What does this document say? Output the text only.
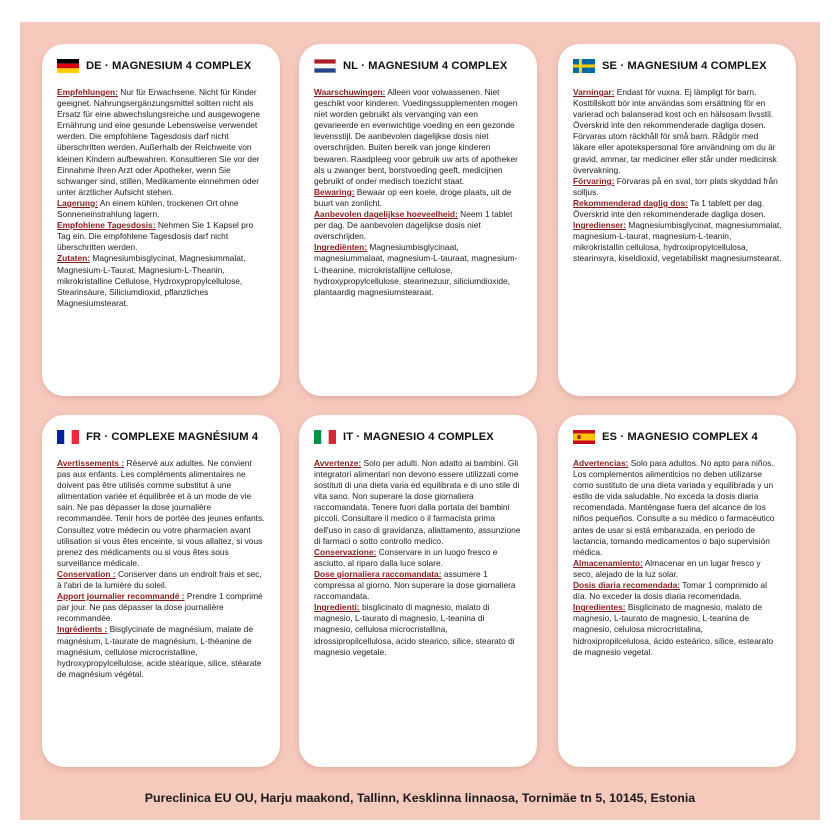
DE · MAGNESIUM 4 COMPLEX

Empfehlungen: Nur für Erwachsene. Nicht für Kinder geeignet. Nahrungsergänzungsmittel sollten nicht als Ersatz für eine abwechslungsreiche und ausgewogene Ernährung und eine gesunde Lebensweise verwendet werden. Die empfohlene Tagesdosis darf nicht überschritten werden. Außerhalb der Reichweite von kleinen Kindern aufbewahren. Konsultieren Sie vor der Einnahme Ihren Arzt oder Apotheker, wenn Sie schwanger sind, stillen, Medikamente einnehmen oder unter ärztlicher Aufsicht stehen.

Lagerung: An einem kühlen, trockenen Ort ohne Sonneneinstrahlung lagern.

Empfohlene Tagesdosis: Nehmen Sie 1 Kapsel pro Tag ein. Die empfohlene Tagesdosis darf nicht überschritten werden.

Zutaten: Magnesiumbisglycinat, Magnesiummalat, Magnesium-L-Taurat, Magnesium-L-Theanin, mikrokristalline Cellulose, Hydroxypropylcellulose, Stearinsäure, Siliciumdioxid, pflanzliches Magnesiumstearat.

NL · MAGNESIUM 4 COMPLEX

Waarschuwingen: Alleen voor volwassenen. Niet geschikt voor kinderen. Voedingssupplementen mogen niet worden gebruikt als vervanging van een gevarieerde en evenwichtige voeding en een gezonde levensstijl. De aanbevolen dagelijkse dosis niet overschrijden. Buiten bereik van jonge kinderen bewaren. Raadpleeg voor gebruik uw arts of apotheker als u zwanger bent, borstvoeding geeft, medicijnen gebruikt of onder medisch toezicht staat.

Bewaring: Bewaar op een koele, droge plaats, uit de buurt van zonlicht.

Aanbevolen dagelijkse hoeveelheid: Neem 1 tablet per dag. De aanbevolen dagelijkse dosis niet overschrijden.

Ingrediënten: Magnesiumbisglycinaat, magnesiummalaat, magnesium-L-tauraat, magnesium-L-theanine, microkristallijne cellulose, hydroxypropylcellulose, stearinezuur, siliciumdioxide, plantaardig magnesiumstearaat.

SE · MAGNESIUM 4 COMPLEX

Varningar: Endast för vuxna. Ej lämpligt för barn. Kosttillskott bör inte användas som ersättning för en varierad och balanserad kost och en hälsosam livsstil. Överskrid inte den rekommenderade dagliga dosen. Förvaras utom räckhåll för små barn. Rådgör med läkare eller apotekspersonal före användning om du är gravid, ammar, tar mediciner eller står under medicinsk övervakning.

Förvaring: Förvaras på en sval, torr plats skyddad från solljus.

Rekommenderad daglig dos: Ta 1 tablett per dag. Överskrid inte den rekommenderade dagliga dosen.

Ingredienser: Magnesiumbisglycinat, magnesiummalat, magnesium-L-taurat, magnesium-L-teanin, mikrokristallin cellulosa, hydroxipropylcellulosa, stearinsyra, kiseldioxid, vegetabiliskt magnesiumstearat.

FR · COMPLEXE MAGNÉSIUM 4

Avertissements : Réservé aux adultes. Ne convient pas aux enfants. Les compléments alimentaires ne doivent pas être utilisés comme substitut à une alimentation variée et équilibrée et à un mode de vie sain. Ne pas dépasser la dose journalière recommandée. Tenir hors de portée des jeunes enfants. Consultez votre médecin ou votre pharmacien avant utilisation si vous êtes enceinte, si vous allaitez, si vous prenez des médicaments ou si vous êtes sous surveillance médicale.

Conservation : Conserver dans un endroit frais et sec, à l'abri de la lumière du soleil.

Apport journalier recommandé : Prendre 1 comprimé par jour. Ne pas dépasser la dose journalière recommandée.

Ingrédients : Bisglycinate de magnésium, malate de magnésium, L-taurate de magnésium, L-théanine de magnésium, cellulose microcristalline, hydroxypropylcellulose, acide stéarique, silice, stéarate de magnésium végétal.

IT · MAGNESIO 4 COMPLEX

Avvertenze: Solo per adulti. Non adatto ai bambini. Gli integratori alimentari non devono essere utilizzati come sostituti di una dieta varia ed equilibrata e di uno stile di vita sano. Non superare la dose giornaliera raccomandata. Tenere fuori dalla portata dei bambini piccoli. Consultare il medico o il farmacista prima dell'uso in caso di gravidanza, allattamento, assunzione di farmaci o sotto controllo medico.

Conservazione: Conservare in un luogo fresco e asciutto, al riparo dalla luce solare.

Dose giornaliera raccomandata: assumere 1 compressa al giorno. Non superare la dose giornaliera raccomandata.

Ingredienti: bisglicinato di magnesio, malato di magnesio, L-taurato di magnesio, L-teanina di magnesio, cellulosa microcristallina, idrossipropilcellulosa, acido stearico, silice, stearato di magnesio vegetale.

ES · MAGNESIO COMPLEX 4

Advertencias: Solo para adultos. No apto para niños. Los complementos alimenticios no deben utilizarse como sustituto de una dieta variada y equilibrada y un estilo de vida saludable. No exceda la dosis diaria recomendada. Manténgase fuera del alcance de los niños pequeños. Consulte a su médico o farmacéutico antes de usar si está embarazada, en periodo de lactancia, tomando medicamentos o bajo supervisión médica.

Almacenamiento: Almacenar en un lugar fresco y seco, alejado de la luz solar.

Dosis diaria recomendada: Tomar 1 comprimido al día. No exceder la dosis diaria recomendada.

Ingredientes: Bisglicinato de magnesio, malato de magnesio, L-taurato de magnesio, L-teanina de magnesio, celulosa microcristalina, hidroxipropilcelulosa, ácido esteárico, sílice, estearato de magnesio vegetal.

Pureclinica EU OU, Harju maakond, Tallinn, Kesklinna linnaosa, Tornimäe tn 5, 10145, Estonia
